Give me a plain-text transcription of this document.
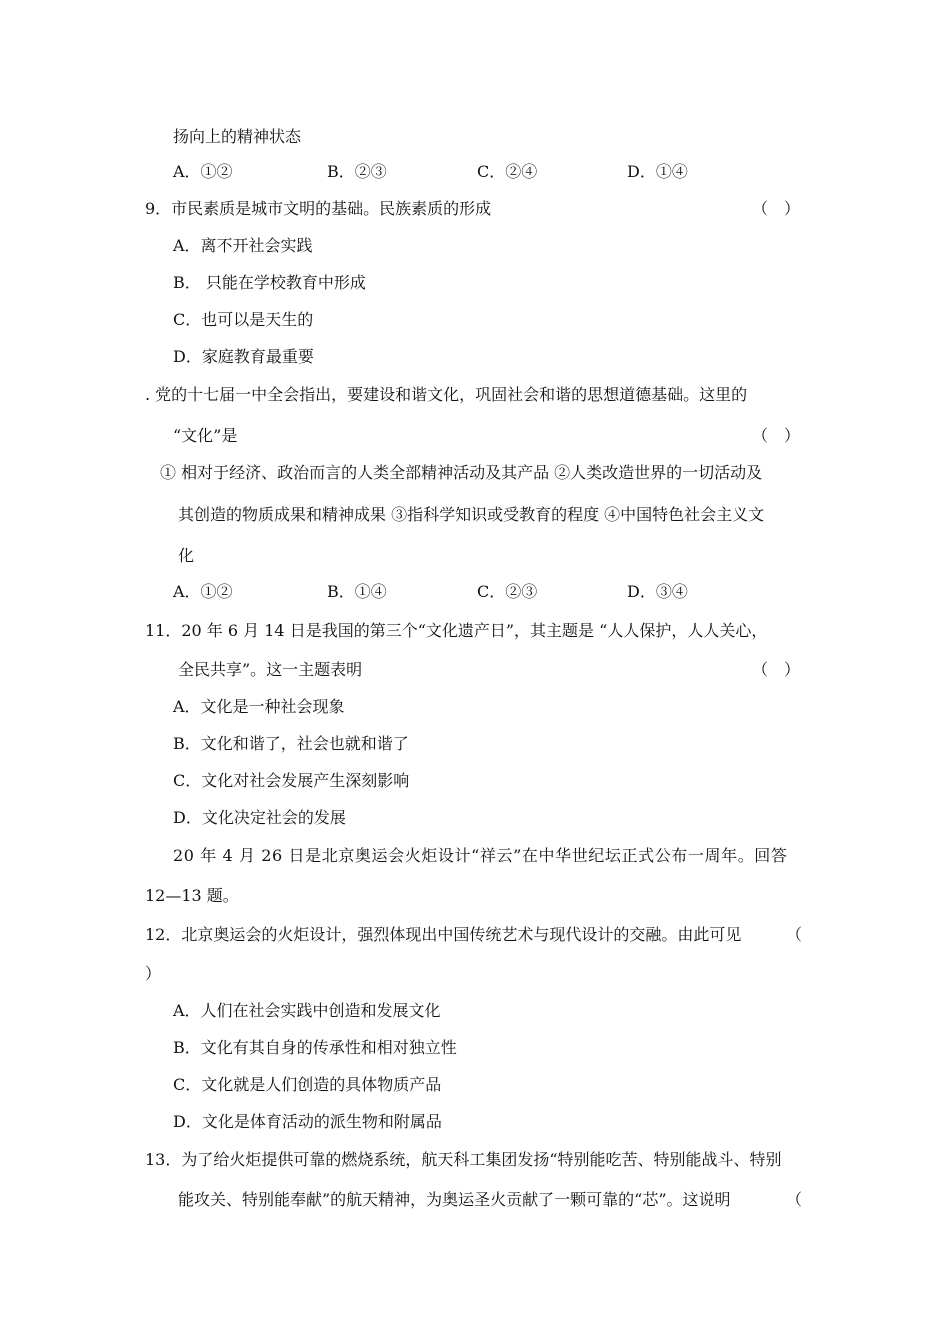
扬向上的精神状态
A．①②	B．②③	C．②④	D．①④
9．市民素质是城市文明的基础。民族素质的形成	（　）
A．离不开社会实践
B． 只能在学校教育中形成
C．也可以是天生的
D．家庭教育最重要
. 党的十七届一中全会指出，要建设和谐文化，巩固社会和谐的思想道德基础。这里的
“文化”是	（　）
① 相对于经济、政治而言的人类全部精神活动及其产品 ②人类改造世界的一切活动及
其创造的物质成果和精神成果 ③指科学知识或受教育的程度 ④中国特色社会主义文
化
A．①②	B．①④	C．②③	D．③④
11．20 年 6 月 14 日是我国的第三个“文化遗产日”，其主题是 “人人保护，人人关心，
全民共享”。这一主题表明	（　）
A．文化是一种社会现象
B．文化和谐了，社会也就和谐了
C．文化对社会发展产生深刻影响
D．文化决定社会的发展
20 年 4 月 26 日是北京奥运会火炬设计“祥云”在中华世纪坛正式公布一周年。回答
12—13 题。
12．北京奥运会的火炬设计，强烈体现出中国传统艺术与现代设计的交融。由此可见	（
）
A．人们在社会实践中创造和发展文化
B．文化有其自身的传承性和相对独立性
C．文化就是人们创造的具体物质产品
D．文化是体育活动的派生物和附属品
13．为了给火炬提供可靠的燃烧系统，航天科工集团发扬“特别能吃苦、特别能战斗、特别
能攻关、特别能奉献”的航天精神，为奥运圣火贡献了一颗可靠的“芯”。这说明	（
